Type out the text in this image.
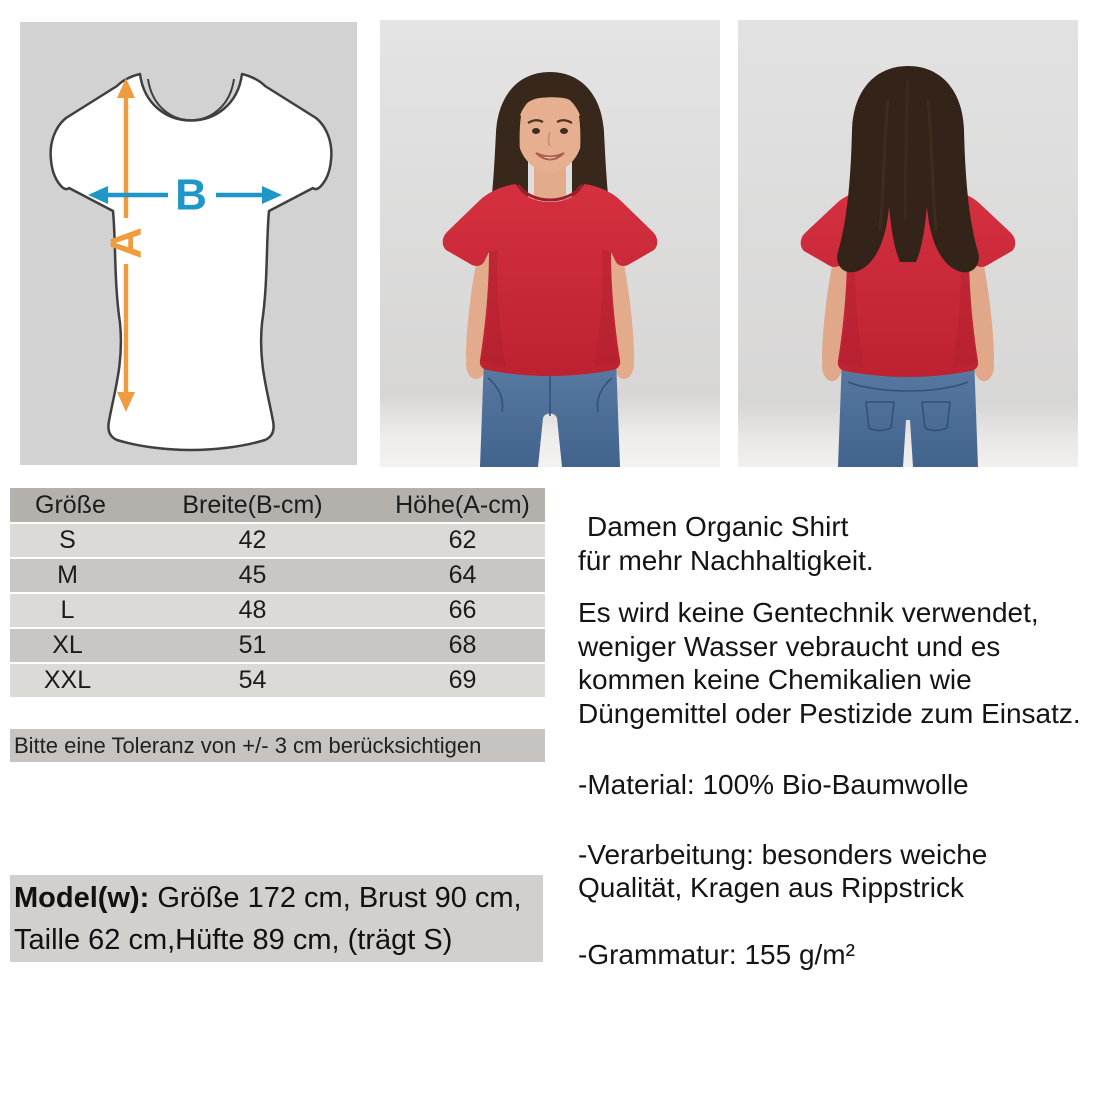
A
B
Größe	Breite(B-cm)	Höhe(A-cm)
S	42	62
M	45	64
L	48	66
XL	51	68
XXL	54	69
Bitte eine Toleranz von +/- 3 cm berücksichtigen
Model(w): Größe 172 cm, Brust 90 cm,
Taille 62 cm,Hüfte 89 cm, (trägt S)
Damen Organic Shirt
für mehr Nachhaltigkeit.
Es wird keine Gentechnik verwendet,
weniger Wasser vebraucht und es
kommen keine Chemikalien wie
Düngemittel oder Pestizide zum Einsatz.
-Material: 100% Bio-Baumwolle
-Verarbeitung: besonders weiche
Qualität, Kragen aus Rippstrick
-Grammatur: 155 g/m²
